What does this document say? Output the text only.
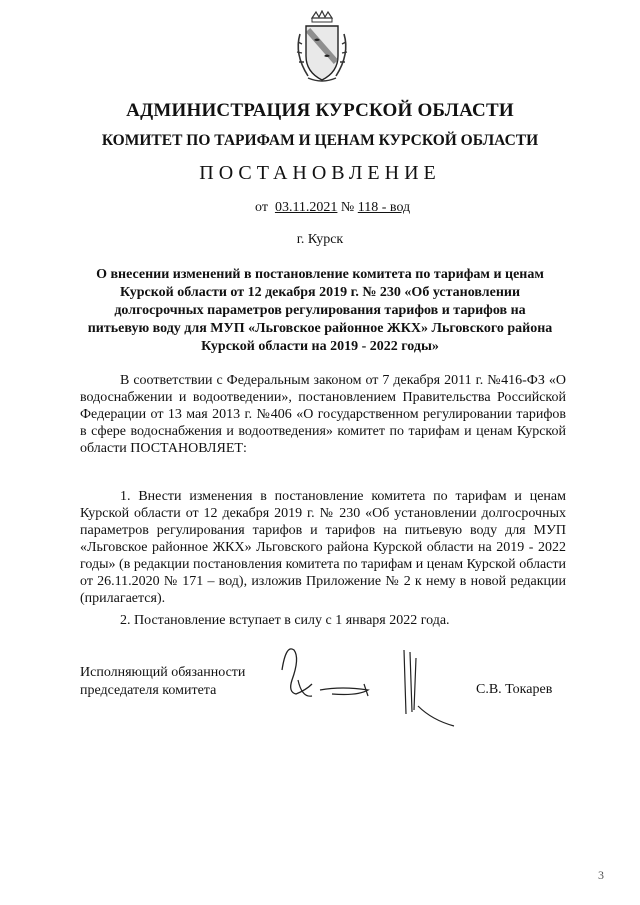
АДМИНИСТРАЦИЯ КУРСКОЙ ОБЛАСТИ
КОМИТЕТ ПО ТАРИФАМ И ЦЕНАМ КУРСКОЙ ОБЛАСТИ
ПОСТАНОВЛЕНИЕ
от 03.11.2021 № 118 - вод
г. Курск
О внесении изменений в постановление комитета по тарифам и ценам Курской области от 12 декабря 2019 г. № 230 «Об установлении долгосрочных параметров регулирования тарифов и тарифов на питьевую воду для МУП «Льговское районное ЖКХ» Льговского района Курской области на 2019 - 2022 годы»
В соответствии с Федеральным законом от 7 декабря 2011 г. №416-ФЗ «О водоснабжении и водоотведении», постановлением Правительства Российской Федерации от 13 мая 2013 г. №406 «О государственном регулировании тарифов в сфере водоснабжения и водоотведения» комитет по тарифам и ценам Курской области ПОСТАНОВЛЯЕТ:
1. Внести изменения в постановление комитета по тарифам и ценам Курской области от 12 декабря 2019 г. № 230 «Об установлении долгосрочных параметров регулирования тарифов и тарифов на питьевую воду для МУП «Льговское районное ЖКХ» Льговского района Курской области на 2019 - 2022 годы» (в редакции постановления комитета по тарифам и ценам Курской области от 26.11.2020 № 171 – вод), изложив Приложение № 2 к нему в новой редакции (прилагается).
2. Постановление вступает в силу с 1 января 2022 года.
Исполняющий обязанности
председателя комитета	С.В. Токарев
3
